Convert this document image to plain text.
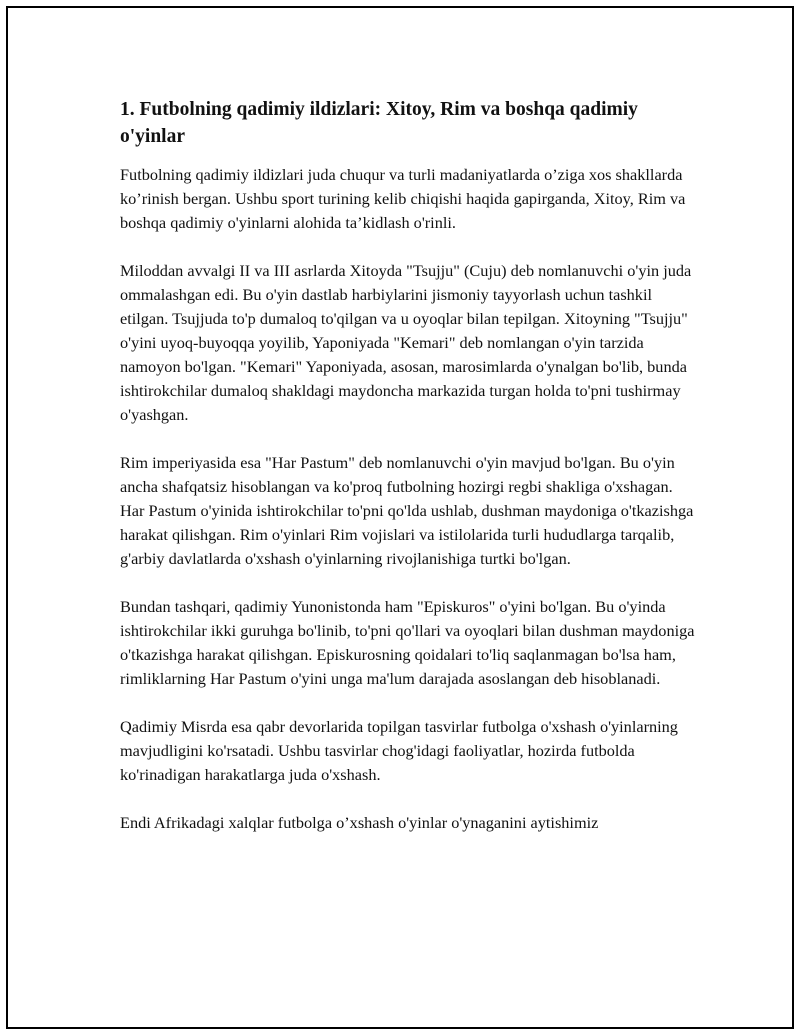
1. Futbolning qadimiy ildizlari: Xitoy, Rim va boshqa qadimiy o'yinlar

Futbolning qadimiy ildizlari juda chuqur va turli madaniyatlarda o’ziga xos shakllarda ko’rinish bergan. Ushbu sport turining kelib chiqishi haqida gapirganda, Xitoy, Rim va boshqa qadimiy o'yinlarni alohida ta’kidlash o'rinli.

Miloddan avvalgi II va III asrlarda Xitoyda "Tsujju" (Cuju) deb nomlanuvchi o'yin juda ommalashgan edi. Bu o'yin dastlab harbiylarini jismoniy tayyorlash uchun tashkil etilgan. Tsujjuda to'p dumaloq to'qilgan va u oyoqlar bilan tepilgan. Xitoyning "Tsujju" o'yini uyoq-buyoqqa yoyilib, Yaponiyada "Kemari" deb nomlangan o'yin tarzida namoyon bo'lgan. "Kemari" Yaponiyada, asosan, marosimlarda o'ynalgan bo'lib, bunda ishtirokchilar dumaloq shakldagi maydoncha markazida turgan holda to'pni tushirmay o'yashgan.

Rim imperiyasida esa "Har Pastum" deb nomlanuvchi o'yin mavjud bo'lgan. Bu o'yin ancha shafqatsiz hisoblangan va ko'proq futbolning hozirgi regbi shakliga o'xshagan. Har Pastum o'yinida ishtirokchilar to'pni qo'lda ushlab, dushman maydoniga o'tkazishga harakat qilishgan. Rim o'yinlari Rim vojislari va istilolarida turli hududlarga tarqalib, g'arbiy davlatlarda o'xshash o'yinlarning rivojlanishiga turtki bo'lgan.

Bundan tashqari, qadimiy Yunonistonda ham "Episkuros" o'yini bo'lgan. Bu o'yinda ishtirokchilar ikki guruhga bo'linib, to'pni qo'llari va oyoqlari bilan dushman maydoniga o'tkazishga harakat qilishgan. Episkurosning qoidalari to'liq saqlanmagan bo'lsa ham, rimliklarning Har Pastum o'yini unga ma'lum darajada asoslangan deb hisoblanadi.

Qadimiy Misrda esa qabr devorlarida topilgan tasvirlar futbolga o'xshash o'yinlarning mavjudligini ko'rsatadi. Ushbu tasvirlar chog'idagi faoliyatlar, hozirda futbolda ko'rinadigan harakatlarga juda o'xshash.

Endi Afrikadagi xalqlar futbolga o’xshash o'yinlar o'ynaganini aytishimiz
